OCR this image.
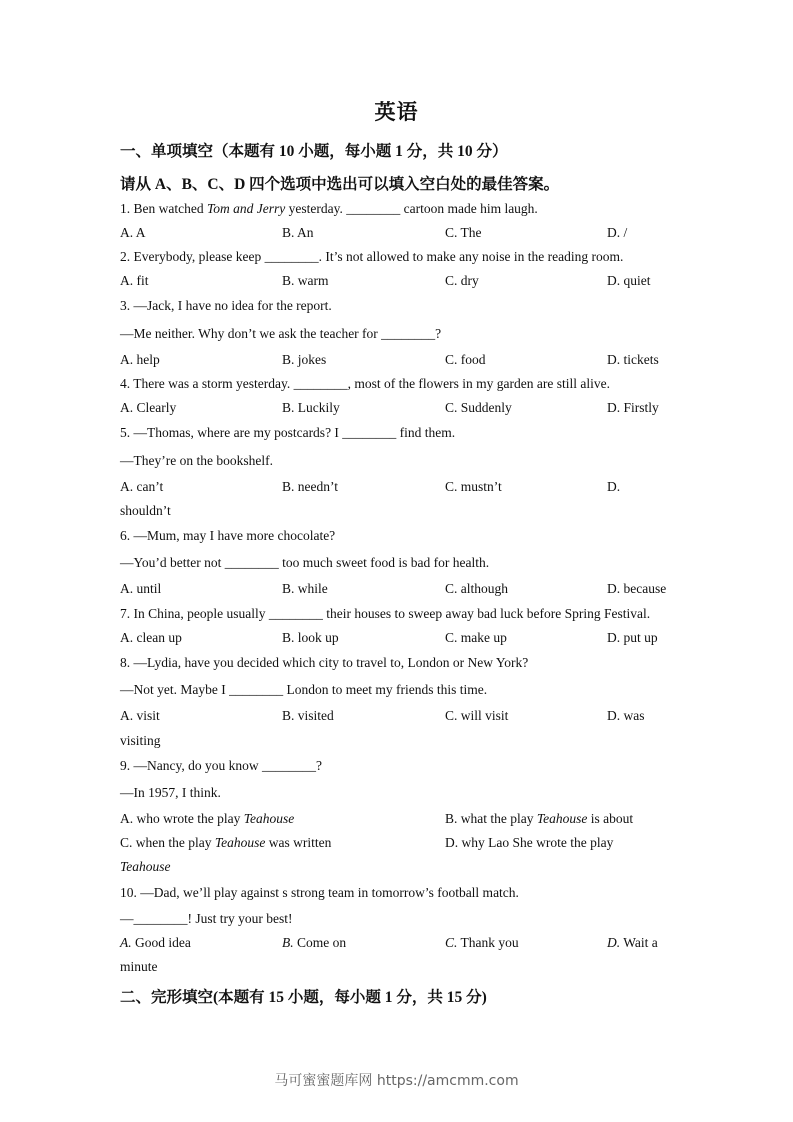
英语
一、单项填空（本题有 10 小题，每小题 1 分，共 10 分）
请从 A、B、C、D 四个选项中选出可以填入空白处的最佳答案。
1. Ben watched Tom and Jerry yesterday. ________ cartoon made him laugh.
A. A	B. An	C. The	D. /
2. Everybody, please keep ________. It’s not allowed to make any noise in the reading room.
A. fit	B. warm	C. dry	D. quiet
3. —Jack, I have no idea for the report.
—Me neither. Why don’t we ask the teacher for ________?
A. help	B. jokes	C. food	D. tickets
4. There was a storm yesterday. ________, most of the flowers in my garden are still alive.
A. Clearly	B. Luckily	C. Suddenly	D. Firstly
5. —Thomas, where are my postcards? I ________ find them.
—They’re on the bookshelf.
A. can’t	B. needn’t	C. mustn’t	D.
shouldn’t
6. —Mum, may I have more chocolate?
—You’d better not ________ too much sweet food is bad for health.
A. until	B. while	C. although	D. because
7. In China, people usually ________ their houses to sweep away bad luck before Spring Festival.
A. clean up	B. look up	C. make up	D. put up
8. —Lydia, have you decided which city to travel to, London or New York?
—Not yet. Maybe I ________ London to meet my friends this time.
A. visit	B. visited	C. will visit	D. was
visiting
9. —Nancy, do you know ________?
—In 1957, I think.
A. who wrote the play Teahouse	B. what the play Teahouse is about
C. when the play Teahouse was written	D. why Lao She wrote the play
Teahouse
10. —Dad, we’ll play against s strong team in tomorrow’s football match.
—________! Just try your best!
A. Good idea	B. Come on	C. Thank you	D. Wait a
minute
二、完形填空(本题有 15 小题，每小题 1 分，共 15 分)
马可蜜蜜题库网 https://amcmm.com
